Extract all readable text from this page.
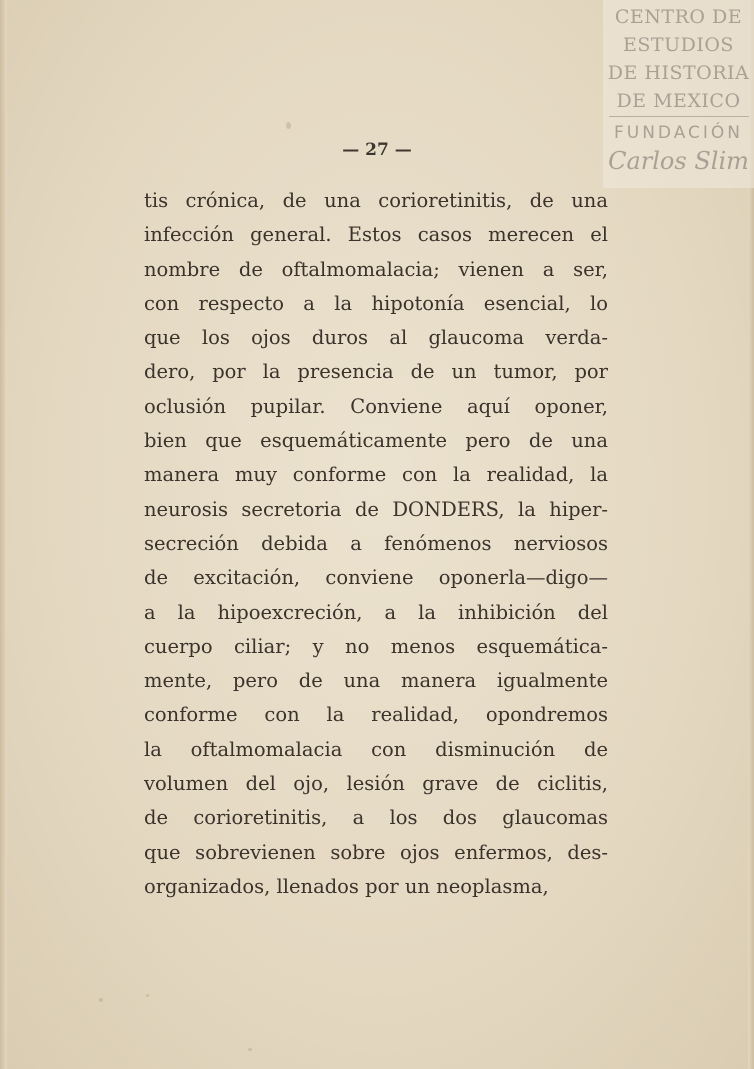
CENTRO DE
ESTUDIOS
DE HISTORIA
DE MEXICO
FUNDACIÓN
Carlos Slim
— 27 —
tis crónica, de una corioretinitis, de una
infección general. Estos casos merecen el
nombre de oftalmomalacia; vienen a ser,
con respecto a la hipotonía esencial, lo
que los ojos duros al glaucoma verda-
dero, por la presencia de un tumor, por
oclusión pupilar. Conviene aquí oponer,
bien que esquemáticamente pero de una
manera muy conforme con la realidad, la
neurosis secretoria de DONDERS, la hiper-
secreción debida a fenómenos nerviosos
de excitación, conviene oponerla—digo—
a la hipoexcreción, a la inhibición del
cuerpo ciliar; y no menos esquemática-
mente, pero de una manera igualmente
conforme con la realidad, opondremos
la oftalmomalacia con disminución de
volumen del ojo, lesión grave de ciclitis,
de corioretinitis, a los dos glaucomas
que sobrevienen sobre ojos enfermos, des-
organizados, llenados por un neoplasma,
